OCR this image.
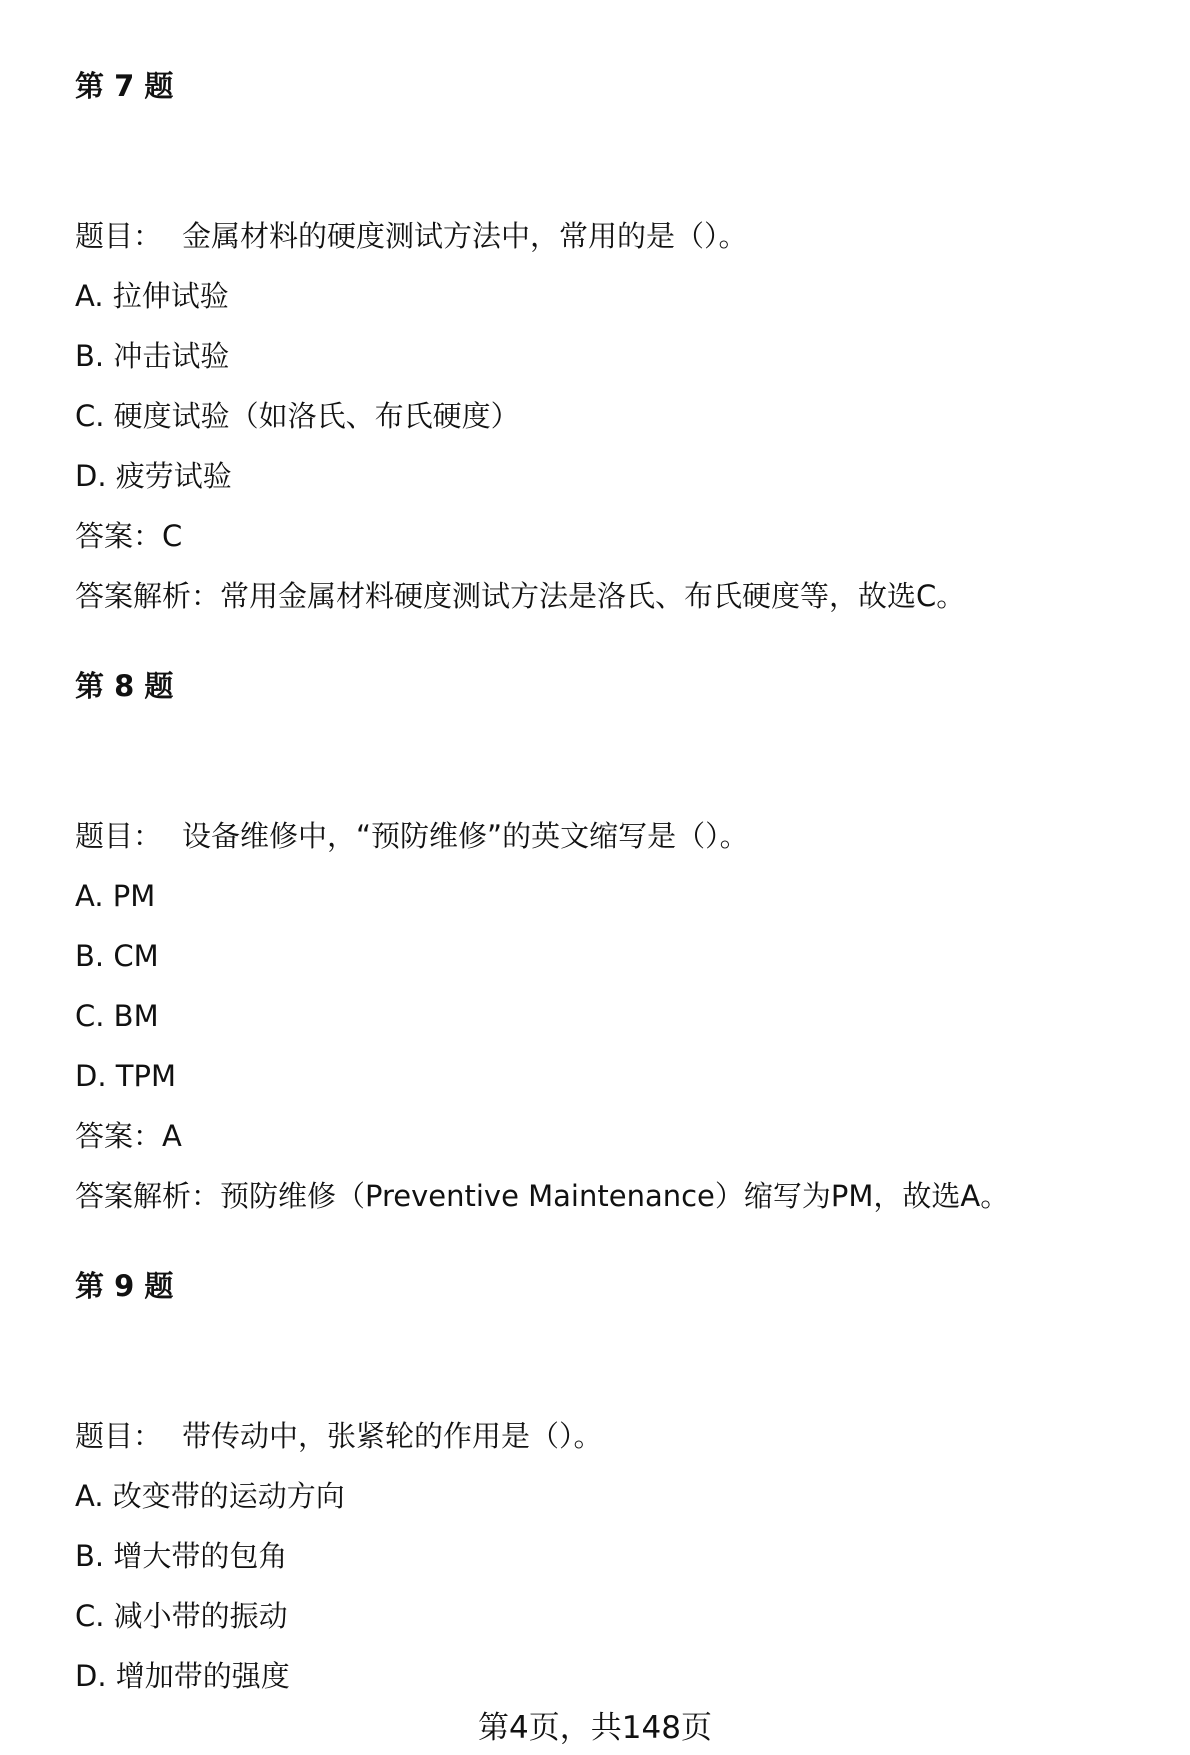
第 7 题
题目： 金属材料的硬度测试方法中，常用的是（）。
A. 拉伸试验
B. 冲击试验
C. 硬度试验（如洛氏、布氏硬度）
D. 疲劳试验
答案：C
答案解析：常用金属材料硬度测试方法是洛氏、布氏硬度等，故选C。
第 8 题
题目： 设备维修中，“预防维修”的英文缩写是（）。
A. PM
B. CM
C. BM
D. TPM
答案：A
答案解析：预防维修（Preventive Maintenance）缩写为PM，故选A。
第 9 题
题目： 带传动中，张紧轮的作用是（）。
A. 改变带的运动方向
B. 增大带的包角
C. 减小带的振动
D. 增加带的强度
第4页，共148页
